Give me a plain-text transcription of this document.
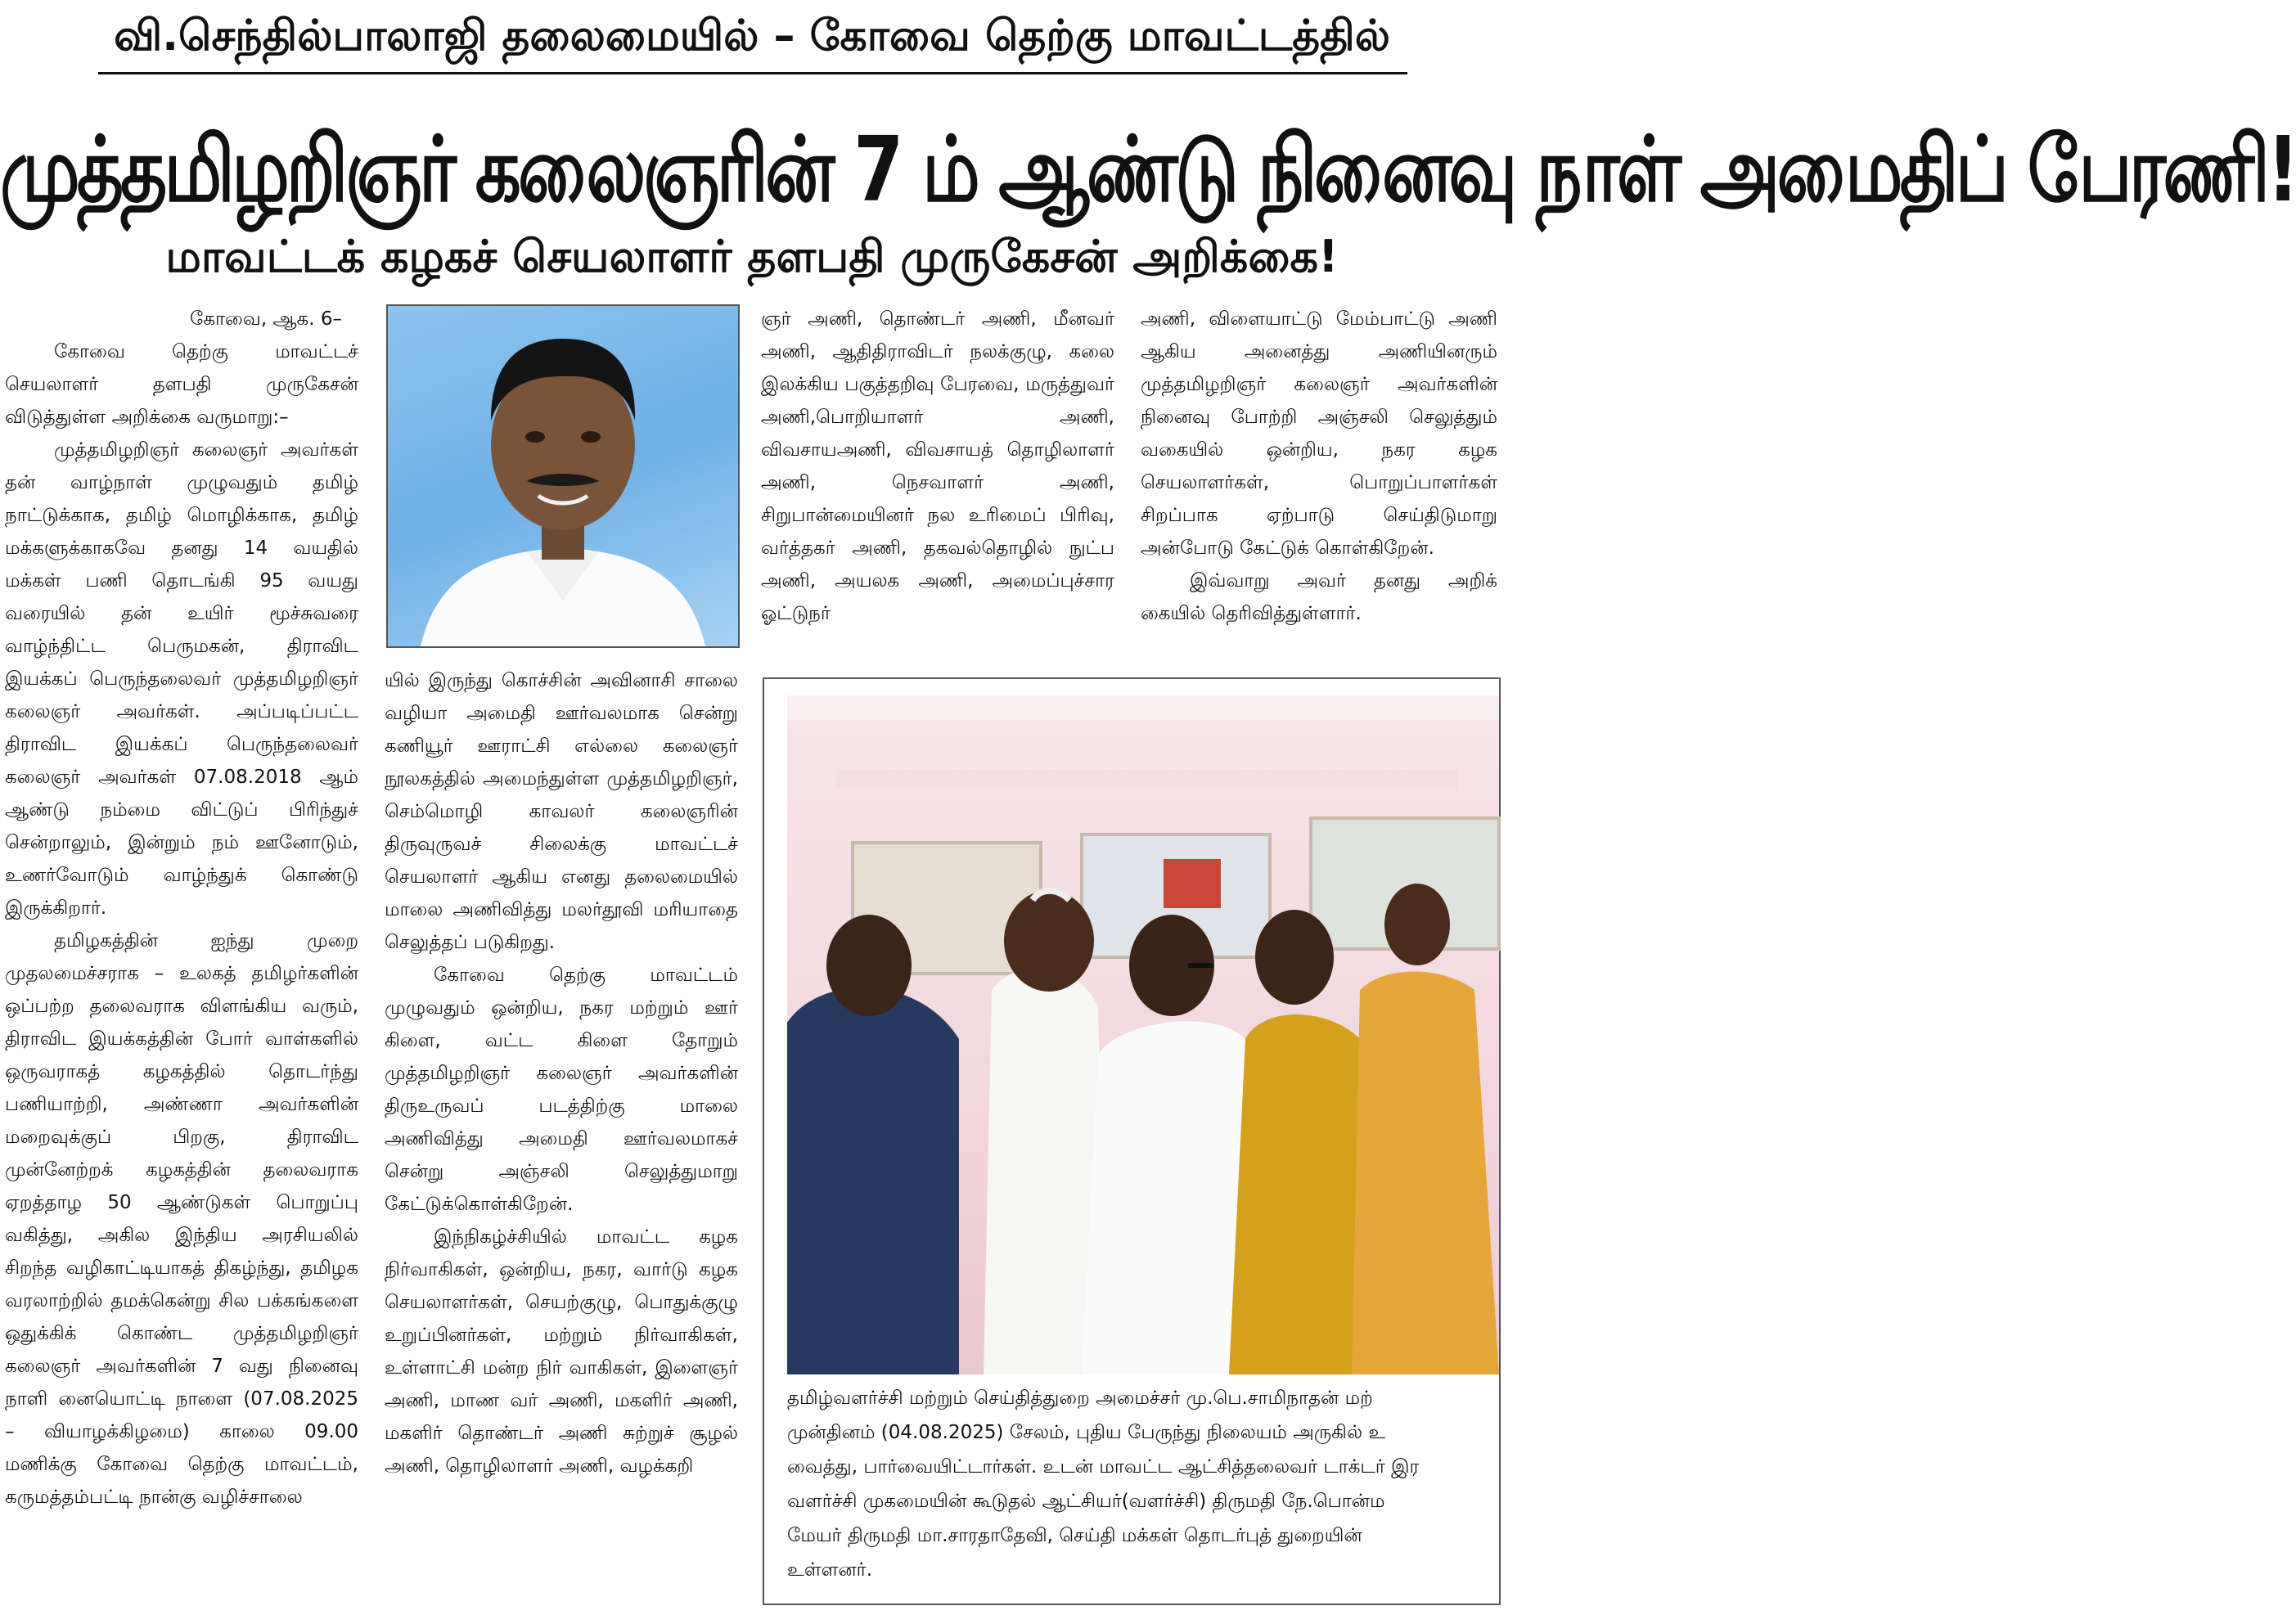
வி.செந்தில்பாலாஜி தலைமையில் – கோவை தெற்கு மாவட்டத்தில்
முத்தமிழறிஞர் கலைஞரின் 7 ம் ஆண்டு நினைவு நாள் அமைதிப் பேரணி!
மாவட்டக் கழகச் செயலாளர் தளபதி முருகேசன் அறிக்கை!

கோவை, ஆக. 6–

கோவை தெற்கு மாவட்டச் செயலாளர் தளபதி முருகேசன் விடுத்துள்ள அறிக்கை வருமாறு:–

முத்தமிழறிஞர் கலைஞர் அவர்கள் தன் வாழ்நாள் முழுவதும் தமிழ் நாட்டுக்காக, தமிழ் மொழிக்காக, தமிழ் மக்களுக்காகவே தனது 14 வயதில் மக்கள் பணி தொடங்கி 95 வயது வரையில் தன் உயிர் மூச்சுவரை வாழ்ந்திட்ட பெருமகன், திராவிட இயக்கப் பெருந்தலைவர் முத்தமிழறிஞர் கலைஞர் அவர்கள். அப்படிப்பட்ட திராவிட இயக்கப் பெருந்தலைவர் கலைஞர் அவர்கள் 07.08.2018 ஆம் ஆண்டு நம்மை விட்டுப் பிரிந்துச் சென்றாலும், இன்றும் நம் ஊனோடும், உணர்வோடும் வாழ்ந்துக் கொண்டு இருக்கிறார்.

தமிழகத்தின் ஐந்து முறை முதலமைச்சராக – உலகத் தமிழர்களின் ஒப்பற்ற தலைவராக விளங்கிய வரும், திராவிட இயக்கத்தின் போர் வாள்களில் ஒருவராகத் கழகத்தில் தொடர்ந்து பணியாற்றி, அண்ணா அவர்களின் மறைவுக்குப் பிறகு, திராவிட முன்னேற்றக் கழகத்தின் தலைவராக ஏறத்தாழ 50 ஆண்டுகள் பொறுப்பு வகித்து, அகில இந்திய அரசியலில் சிறந்த வழிகாட்டியாகத் திகழ்ந்து, தமிழக வரலாற்றில் தமக்கென்று சில பக்கங்களை ஒதுக்கிக் கொண்ட முத்தமிழறிஞர் கலைஞர் அவர்களின் 7 வது நினைவு நாளி னையொட்டி நாளை (07.08.2025 – வியாழக்கிழமை) காலை 09.00 மணிக்கு கோவை தெற்கு மாவட்டம், கருமத்தம்பட்டி நான்கு வழிச்சாலை

யில் இருந்து கொச்சின் அவினாசி சாலை வழியா அமைதி ஊர்வலமாக சென்று கணியூர் ஊராட்சி எல்லை கலைஞர் நூலகத்தில் அமைந்துள்ள முத்தமிழறிஞர், செம்மொழி காவலர் கலைஞரின் திருவுருவச் சிலைக்கு மாவட்டச் செயலாளர் ஆகிய எனது தலைமையில் மாலை அணிவித்து மலர்தூவி மரியாதை செலுத்தப் படுகிறது.

கோவை தெற்கு மாவட்டம் முழுவதும் ஒன்றிய, நகர மற்றும் ஊர் கிளை, வட்ட கிளை தோறும் முத்தமிழறிஞர் கலைஞர் அவர்களின் திருஉருவப் படத்திற்கு மாலை அணிவித்து அமைதி ஊர்வலமாகச் சென்று அஞ்சலி செலுத்துமாறு கேட்டுக்கொள்கிறேன்.

இந்நிகழ்ச்சியில் மாவட்ட கழக நிர்வாகிகள், ஒன்றிய, நகர, வார்டு கழக செயலாளர்கள், செயற்குழு, பொதுக்குழு உறுப்பினர்கள், மற்றும் நிர்வாகிகள், உள்ளாட்சி மன்ற நிர் வாகிகள், இளைஞர் அணி, மாண வர் அணி, மகளிர் அணி, மகளிர் தொண்டர் அணி சுற்றுச் சூழல் அணி, தொழிலாளர் அணி, வழக்கறி

ஞர் அணி, தொண்டர் அணி, மீனவர் அணி, ஆதிதிராவிடர் நலக்குழு, கலை இலக்கிய பகுத்தறிவு பேரவை, மருத்துவர் அணி,பொறியாளர் அணி, விவசாயஅணி, விவசாயத் தொழிலாளர் அணி, நெசவாளர் அணி, சிறுபான்மையினர் நல உரிமைப் பிரிவு, வர்த்தகர் அணி, தகவல்தொழில் நுட்ப அணி, அயலக அணி, அமைப்புச்சார ஓட்டுநர்

அணி, விளையாட்டு மேம்பாட்டு அணி ஆகிய அனைத்து அணியினரும் முத்தமிழறிஞர் கலைஞர் அவர்களின் நினைவு போற்றி அஞ்சலி செலுத்தும் வகையில் ஒன்றிய, நகர கழக செயலாளர்கள், பொறுப்பாளர்கள் சிறப்பாக ஏற்பாடு செய்திடுமாறு அன்போடு கேட்டுக் கொள்கிறேன்.

இவ்வாறு அவர் தனது அறிக் கையில் தெரிவித்துள்ளார்.

தமிழ்வளர்ச்சி மற்றும் செய்தித்துறை அமைச்சர் மு.பெ.சாமிநாதன் மற்
முன்தினம் (04.08.2025) சேலம், புதிய பேருந்து நிலையம் அருகில் உ
வைத்து, பார்வையிட்டார்கள். உடன் மாவட்ட ஆட்சித்தலைவர் டாக்டர் இர
வளர்ச்சி முகமையின் கூடுதல் ஆட்சியர்(வளர்ச்சி) திருமதி நே.பொன்ம
மேயர் திருமதி மா.சாரதாதேவி, செய்தி மக்கள் தொடர்புத் துறையின்
உள்ளனர்.
